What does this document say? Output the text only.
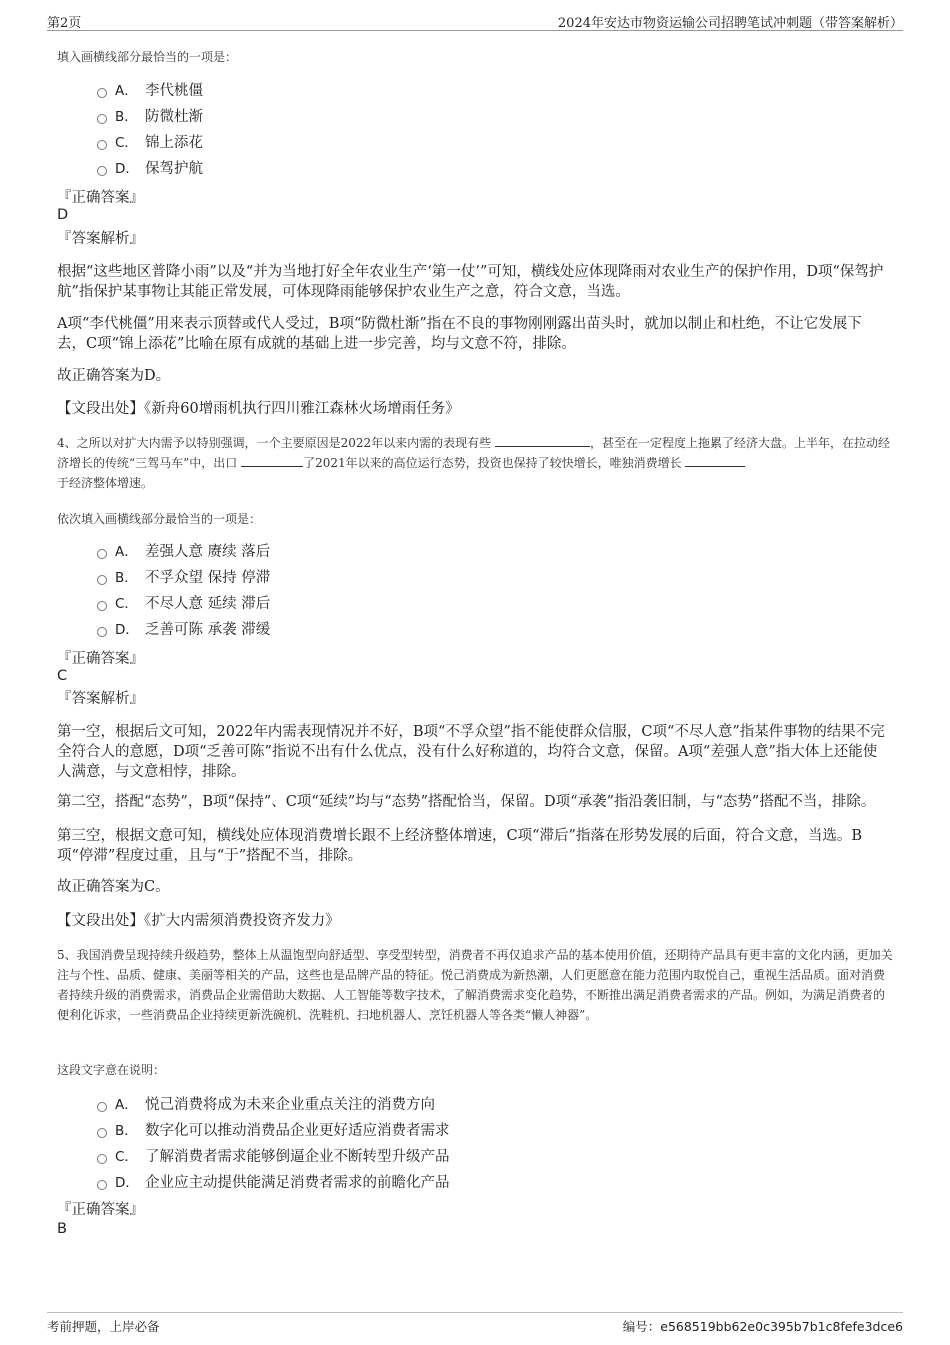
第2页	2024年安达市物资运输公司招聘笔试冲刺题（带答案解析）
填入画横线部分最恰当的一项是：
A． 李代桃僵
B． 防微杜渐
C． 锦上添花
D． 保驾护航
『正确答案』
D
『答案解析』
根据“这些地区普降小雨”以及“并为当地打好全年农业生产‘第一仗’”可知，横线处应体现降雨对农业生产的保护作用，D项“保驾护航”指保护某事物让其能正常发展，可体现降雨能够保护农业生产之意，符合文意，当选。
A项“李代桃僵”用来表示顶替或代人受过，B项“防微杜渐”指在不良的事物刚刚露出苗头时，就加以制止和杜绝，不让它发展下去，C项“锦上添花”比喻在原有成就的基础上进一步完善，均与文意不符，排除。
故正确答案为D。
【文段出处】《新舟60增雨机执行四川雅江森林火场增雨任务》
4、之所以对扩大内需予以特别强调，一个主要原因是2022年以来内需的表现有些	，甚至在一定程度上拖累了经济大盘。上半年，在拉动经济增长的传统“三驾马车”中，出口	了2021年以来的高位运行态势，投资也保持了较快增长，唯独消费增长
于经济整体增速。
依次填入画横线部分最恰当的一项是：
A． 差强人意 赓续 落后
B． 不孚众望 保持 停滞
C． 不尽人意 延续 滞后
D． 乏善可陈 承袭 滞缓
『正确答案』
C
『答案解析』
第一空，根据后文可知，2022年内需表现情况并不好，B项“不孚众望”指不能使群众信服，C项“不尽人意”指某件事物的结果不完全符合人的意愿，D项“乏善可陈”指说不出有什么优点，没有什么好称道的，均符合文意，保留。A项“差强人意”指大体上还能使人满意，与文意相悖，排除。
第二空，搭配“态势”，B项“保持”、C项“延续”均与“态势”搭配恰当，保留。D项“承袭”指沿袭旧制，与“态势”搭配不当，排除。
第三空，根据文意可知，横线处应体现消费增长跟不上经济整体增速，C项“滞后”指落在形势发展的后面，符合文意，当选。B项“停滞”程度过重，且与“于”搭配不当，排除。
故正确答案为C。
【文段出处】《扩大内需须消费投资齐发力》
5、我国消费呈现持续升级趋势，整体上从温饱型向舒适型、享受型转型，消费者不再仅追求产品的基本使用价值，还期待产品具有更丰富的文化内涵，更加关注与个性、品质、健康、美丽等相关的产品，这些也是品牌产品的特征。悦己消费成为新热潮，人们更愿意在能力范围内取悦自己，重视生活品质。面对消费者持续升级的消费需求，消费品企业需借助大数据、人工智能等数字技术，了解消费需求变化趋势，不断推出满足消费者需求的产品。例如，为满足消费者的便利化诉求，一些消费品企业持续更新洗碗机、洗鞋机、扫地机器人、烹饪机器人等各类“懒人神器”。
这段文字意在说明：
A． 悦己消费将成为未来企业重点关注的消费方向
B． 数字化可以推动消费品企业更好适应消费者需求
C． 了解消费者需求能够倒逼企业不断转型升级产品
D． 企业应主动提供能满足消费者需求的前瞻化产品
『正确答案』
B
考前押题，上岸必备	编号：e568519bb62e0c395b7b1c8fefe3dce6
